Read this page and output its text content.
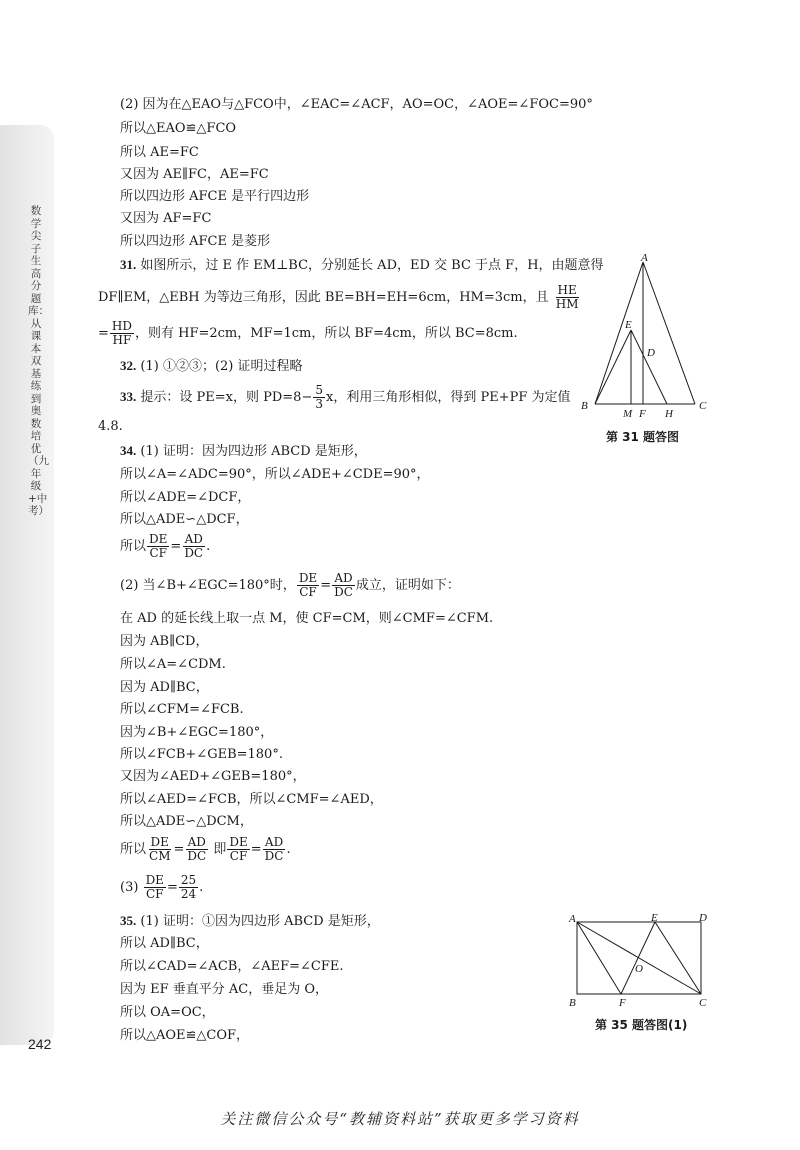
数学尖子生高分题库：从课本双基练到奥数培优（九年级+中考）
242
(2) 因为在△EAO与△FCO中，∠EAC=∠ACF，AO=OC，∠AOE=∠FOC=90°
所以△EAO≌△FCO
所以 AE=FC
又因为 AE∥FC，AE=FC
所以四边形 AFCE 是平行四边形
又因为 AF=FC
所以四边形 AFCE 是菱形
31. 如图所示，过 E 作 EM⊥BC，分别延长 AD，ED 交 BC 于点 F，H，由题意得
DF∥EM，△EBH 为等边三角形，因此 BE=BH=EH=6cm，HM=3cm，且 $\frac{HE}{HM}$
= $\frac{HD}{HF}$ ，则有 HF=2cm，MF=1cm，所以 BF=4cm，所以 BC=8cm.
32. (1) ①②③；(2) 证明过程略
33. 提示：设 PE=x，则 $PD=8- \frac{5}{3}$ x，利用三角形相似，得到 PE+PF 为定值
4.8.
34. (1) 证明：因为四边形 ABCD 是矩形，
所以∠A=∠ADC=90°，所以∠ADE+∠CDE=90°，
所以∠ADE=∠DCF，
所以△ADE∽△DCF，
所以 $\frac{DE}{CF} = \frac{AD}{DC}$ .
(2) 当∠B+∠EGC=180°时， $\frac{DE}{CF} = \frac{AD}{DC}$ 成立，证明如下：
在 AD 的延长线上取一点 M，使 CF=CM，则∠CMF=∠CFM.
因为 AB∥CD，
所以∠A=∠CDM.
因为 AD∥BC，
所以∠CFM=∠FCB.
因为∠B+∠EGC=180°，
所以∠FCB+∠GEB=180°.
又因为∠AED+∠GEB=180°，
所以∠AED=∠FCB，所以∠CMF=∠AED，
所以△ADE∽△DCM，
所以 $\frac{DE}{CM} = \frac{AD}{DC}$ 即 $\frac{DE}{CF} = \frac{AD}{DC}$ .
$(3) \frac{DE}{CF} = \frac{25}{24}$ .
35. (1) 证明：①因为四边形 ABCD 是矩形，
所以 AD∥BC，
所以∠CAD=∠ACB，∠AEF=∠CFE.
因为 EF 垂直平分 AC，垂足为 O，
所以 OA=OC，
所以△AOE≌△COF，
A
B	C
D
E
M F H
第 31 题答图
A	E	D
B	F	C
O
第 35 题答图(1)
关注微信公众号“教辅资料站”获取更多学习资料
